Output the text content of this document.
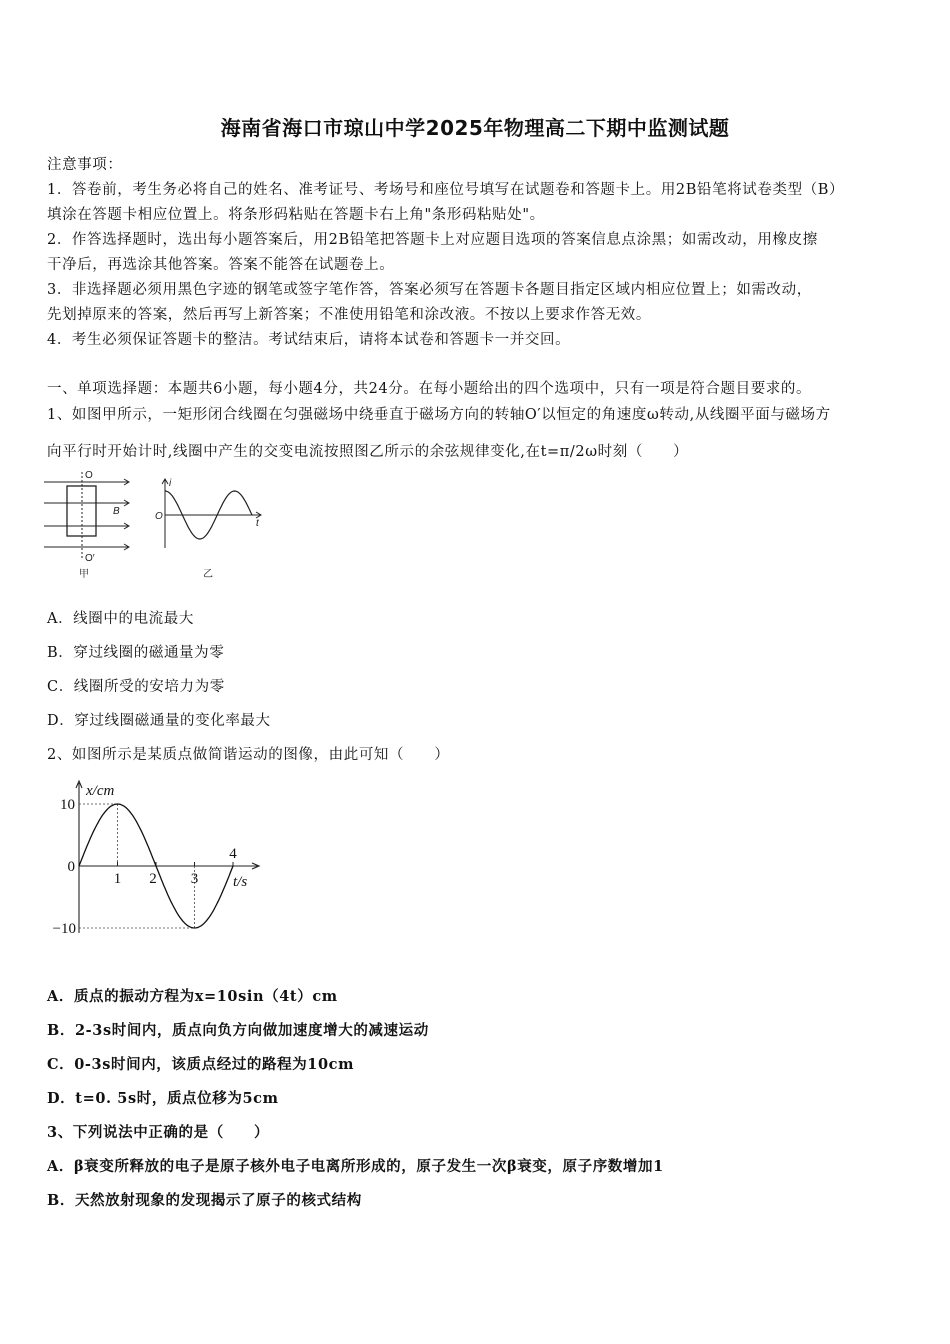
海南省海口市琼山中学2025年物理高二下期中监测试题
注意事项：
1．答卷前，考生务必将自己的姓名、准考证号、考场号和座位号填写在试题卷和答题卡上。用2B铅笔将试卷类型（B）
填涂在答题卡相应位置上。将条形码粘贴在答题卡右上角"条形码粘贴处"。
2．作答选择题时，选出每小题答案后，用2B铅笔把答题卡上对应题目选项的答案信息点涂黑；如需改动，用橡皮擦
干净后，再选涂其他答案。答案不能答在试题卷上。
3．非选择题必须用黑色字迹的钢笔或签字笔作答，答案必须写在答题卡各题目指定区域内相应位置上；如需改动，
先划掉原来的答案，然后再写上新答案；不准使用铅笔和涂改液。不按以上要求作答无效。
4．考生必须保证答题卡的整洁。考试结束后，请将本试卷和答题卡一并交回。
一、单项选择题：本题共6小题，每小题4分，共24分。在每小题给出的四个选项中，只有一项是符合题目要求的。
1、如图甲所示，一矩形闭合线圈在匀强磁场中绕垂直于磁场方向的转轴O′以恒定的角速度ω转动,从线圈平面与磁场方
向平行时开始计时,线圈中产生的交变电流按照图乙所示的余弦规律变化,在t=π/2ω时刻（　　）
O
O′
B
甲
i
O
t
乙
A．线圈中的电流最大
B．穿过线圈的磁通量为零
C．线圈所受的安培力为零
D．穿过线圈磁通量的变化率最大
2、如图所示是某质点做简谐运动的图像，由此可知（　　）
1 2 3
4
10
0
−10
x/cm
t/s
A．质点的振动方程为x=10sin（4t）cm
B．2-3s时间内，质点向负方向做加速度增大的减速运动
C．0-3s时间内，该质点经过的路程为10cm
D．t=0. 5s时，质点位移为5cm
3、下列说法中正确的是（　　）
A．β衰变所释放的电子是原子核外电子电离所形成的，原子发生一次β衰变，原子序数增加1
B．天然放射现象的发现揭示了原子的核式结构
